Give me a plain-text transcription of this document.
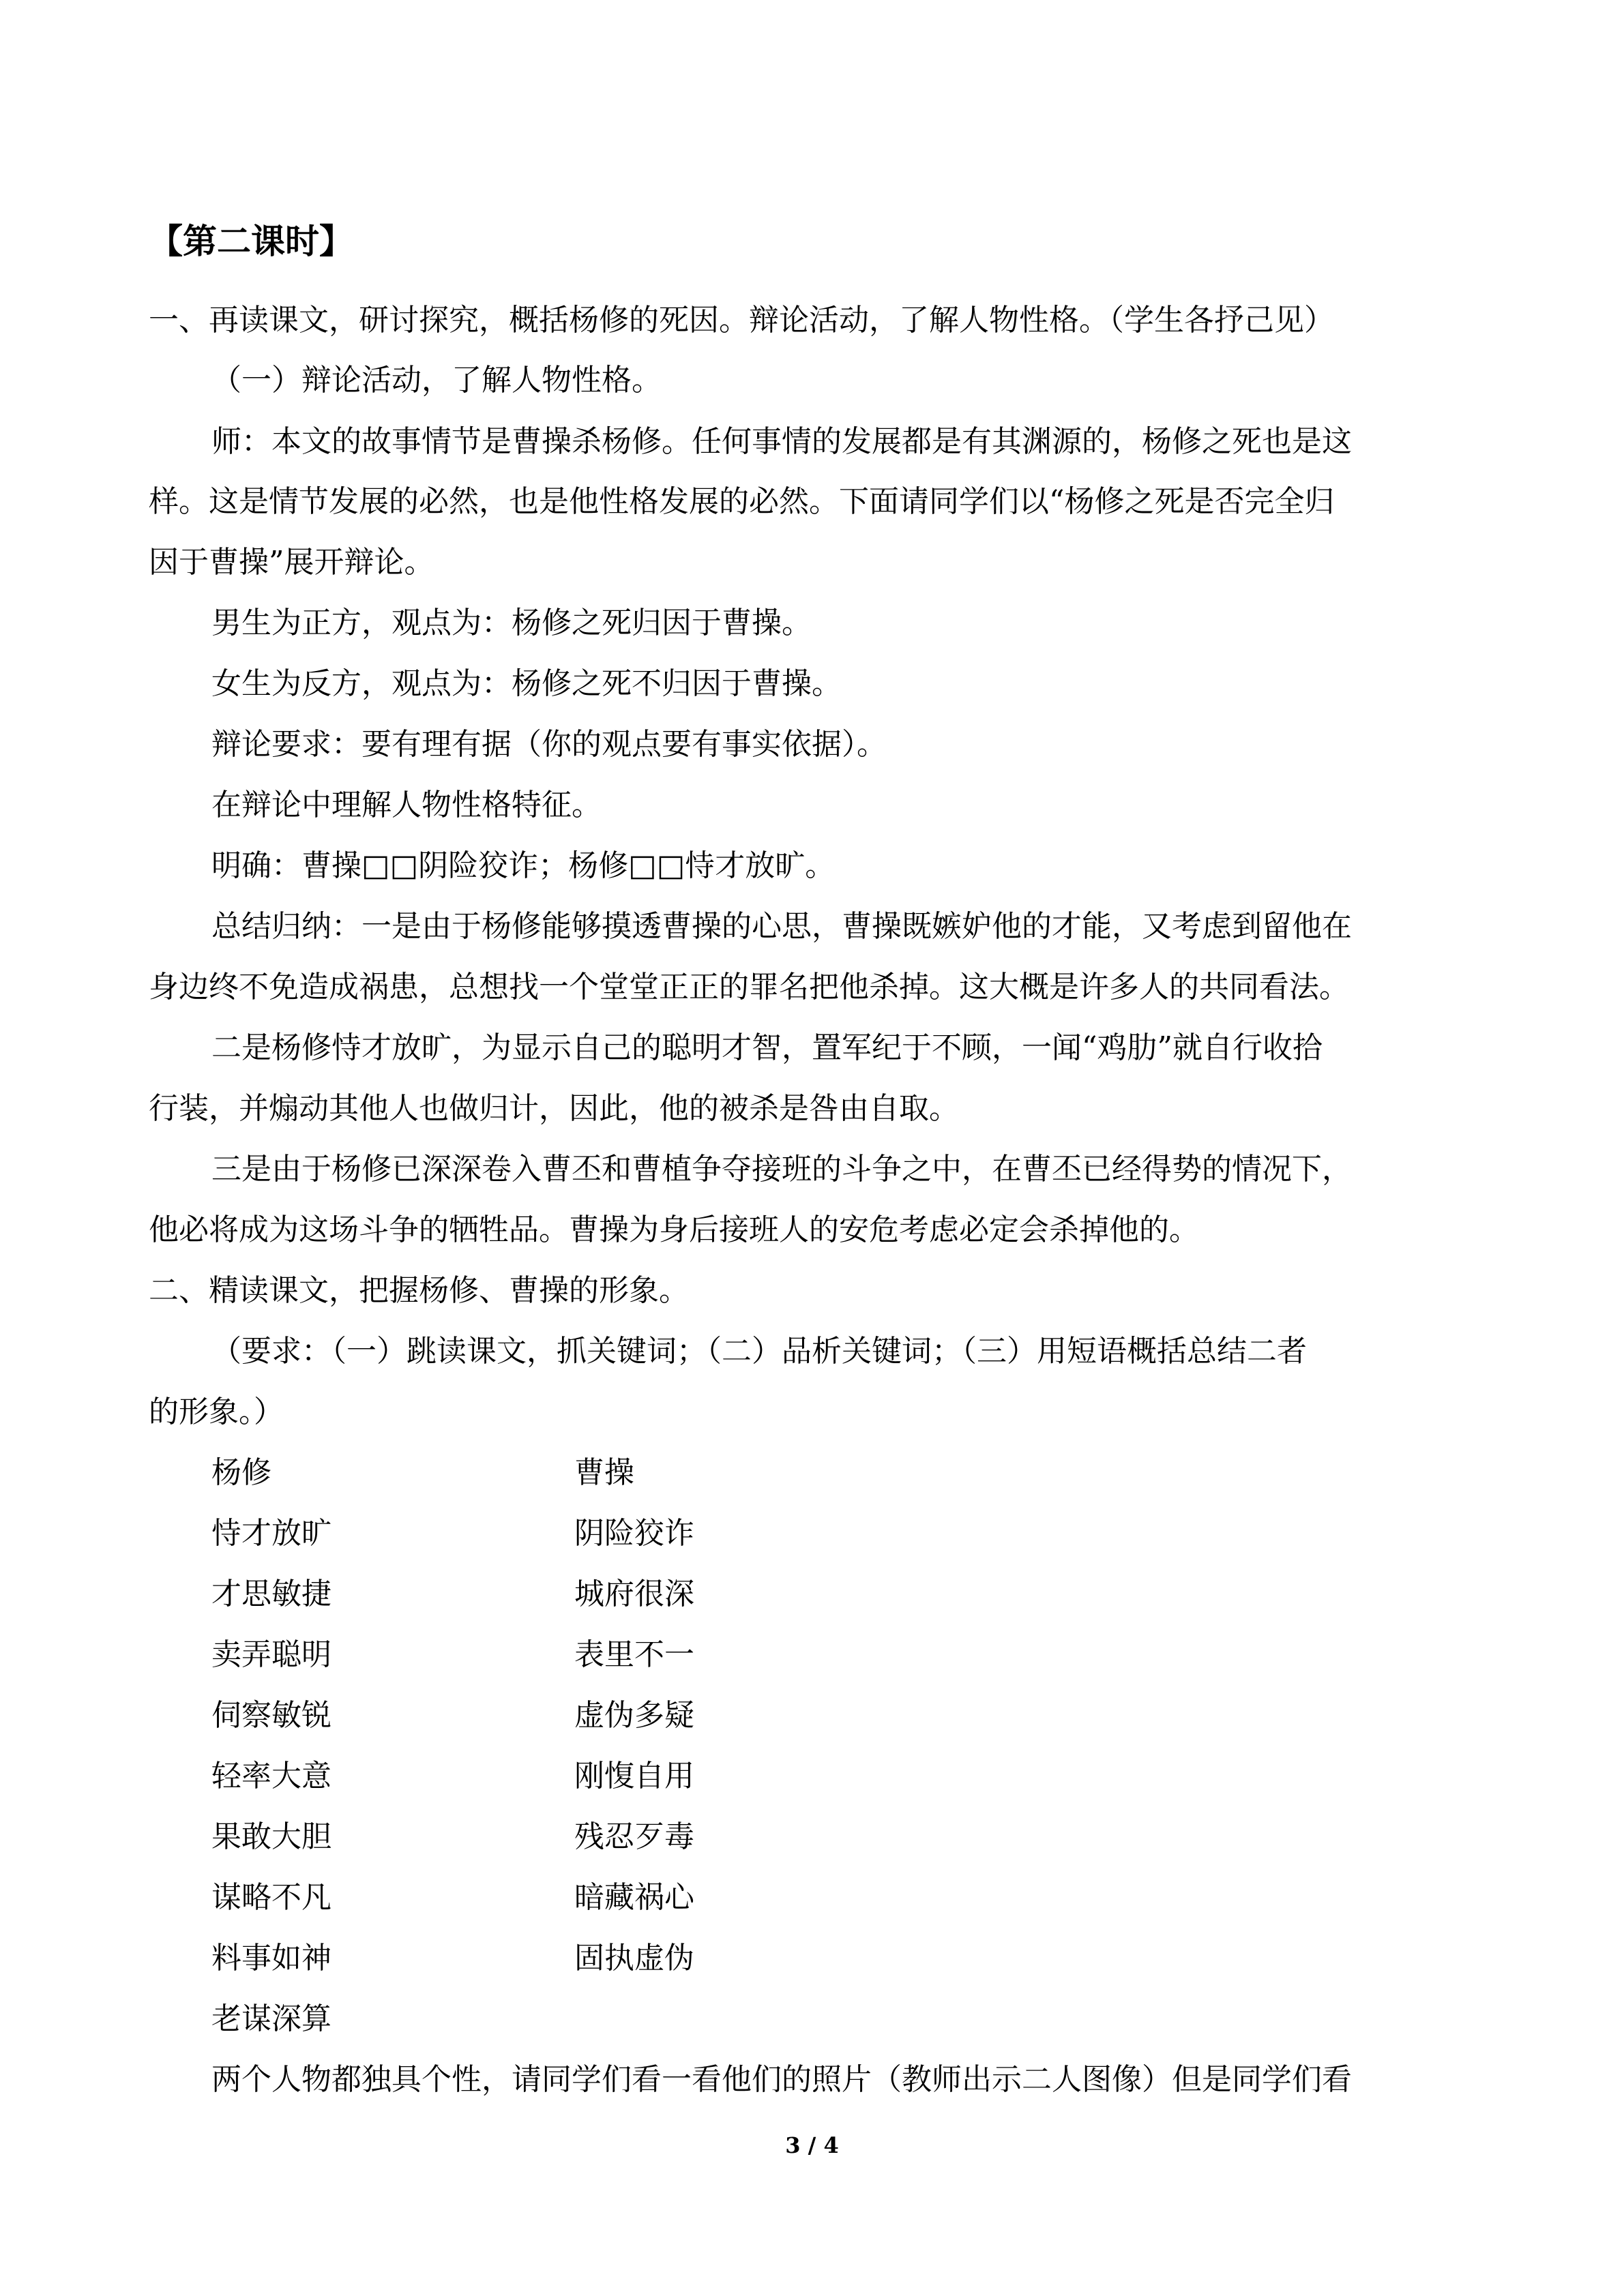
【第二课时】
一、再读课文，研讨探究，概括杨修的死因。辩论活动，了解人物性格。（学生各抒己见）
（一）辩论活动，了解人物性格。
师：本文的故事情节是曹操杀杨修。任何事情的发展都是有其渊源的，杨修之死也是这
样。这是情节发展的必然，也是他性格发展的必然。下面请同学们以“杨修之死是否完全归
因于曹操”展开辩论。
男生为正方，观点为：杨修之死归因于曹操。
女生为反方，观点为：杨修之死不归因于曹操。
辩论要求：要有理有据（你的观点要有事实依据）。
在辩论中理解人物性格特征。
明确：曹操□□阴险狡诈；杨修□□恃才放旷。
总结归纳：一是由于杨修能够摸透曹操的心思，曹操既嫉妒他的才能，又考虑到留他在
身边终不免造成祸患，总想找一个堂堂正正的罪名把他杀掉。这大概是许多人的共同看法。
二是杨修恃才放旷，为显示自己的聪明才智，置军纪于不顾，一闻“鸡肋”就自行收拾
行装，并煽动其他人也做归计，因此，他的被杀是咎由自取。
三是由于杨修已深深卷入曹丕和曹植争夺接班的斗争之中，在曹丕已经得势的情况下，
他必将成为这场斗争的牺牲品。曹操为身后接班人的安危考虑必定会杀掉他的。
二、精读课文，把握杨修、曹操的形象。
（要求：（一）跳读课文，抓关键词；（二）品析关键词；（三）用短语概括总结二者
的形象。）
杨修	曹操
恃才放旷	阴险狡诈
才思敏捷	城府很深
卖弄聪明	表里不一
伺察敏锐	虚伪多疑
轻率大意	刚愎自用
果敢大胆	残忍歹毒
谋略不凡	暗藏祸心
料事如神	固执虚伪
老谋深算
两个人物都独具个性，请同学们看一看他们的照片（教师出示二人图像）但是同学们看
3 / 4
